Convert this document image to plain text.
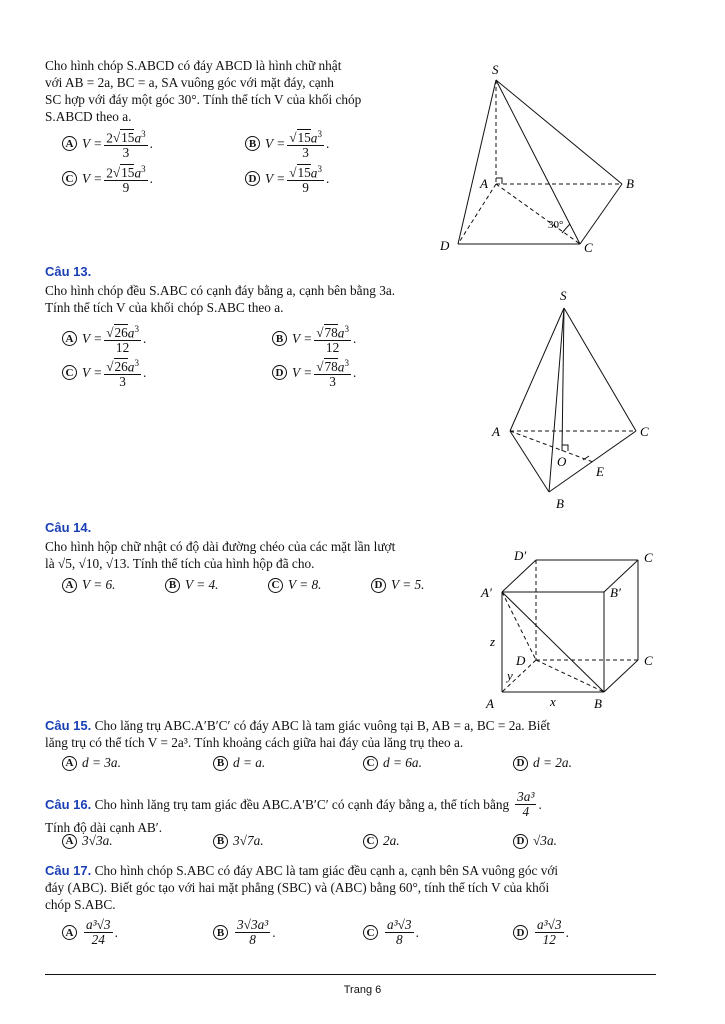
Cho hình chóp S.ABCD có đáy ABCD là hình chữ nhật
với AB = 2a, BC = a, SA vuông góc với mặt đáy, cạnh
SC hợp với đáy một góc 30°. Tính thể tích V của khối chóp
S.ABCD theo a.
A $V = \frac{2 √ 15a^3}{3}$ .	B V = √ $\frac{15a^3}{3}$ .
C $V = \frac{2 √ 15a^3}{9}$ .	D V = √ $\frac{15a^3}{9}$ .
S
A	B
C
D
30°
Câu 13.
Cho hình chóp đều S.ABC có cạnh đáy bằng a, cạnh bên bằng 3a.
Tính thể tích V của khối chóp S.ABC theo a.
A V = √ $\frac{26a^3}{12}$ .	B V = √ $\frac{78a^3}{12}$ .
C V = √ $\frac{26a^3}{3}$ .	D V = √ $\frac{78a^3}{3}$ .
S
A	C
O
E
B
Câu 14.
Cho hình hộp chữ nhật có độ dài đường chéo của các mặt lần lượt
là √5, √10, √13. Tính thể tích của hình hộp đã cho.
A V = 6.	B V = 4.	C V = 8.	D V = 5.
D′	C
A′	B′
D	C
A	B
x
y
z
Câu 15. Cho lăng trụ ABC.A′B′C′ có đáy ABC là tam giác vuông tại B, AB = a, BC = 2a. Biết
lăng trụ có thể tích V = 2a³. Tính khoảng cách giữa hai đáy của lăng trụ theo a.
A d = 3a.	B d = a.	C d = 6a.	D d = 2a.
Câu 16.
Cho hình lăng trụ tam giác đều ABC.A′B′C′ có cạnh đáy bằng a, thể tích bằng $\frac{\text{3a³}}{4}$ .
Tính độ dài cạnh AB′.
A 3√3a.	B 3√7a.	C 2a.	D √3a.
Câu 17. Cho hình chóp S.ABC có đáy ABC là tam giác đều cạnh a, cạnh bên SA vuông góc với
đáy (ABC). Biết góc tạo với hai mặt phẳng (SBC) và (ABC) bằng 60°, tính thể tích V của khối
chóp S.ABC.
A $\frac{\text{a³√3}}{24}$ .	B $\frac{\text{3√3a³}}{8}$ .	C $\frac{\text{a³√3}}{8}$ .	D $\frac{\text{a³√3}}{12}$ .
Trang 6
